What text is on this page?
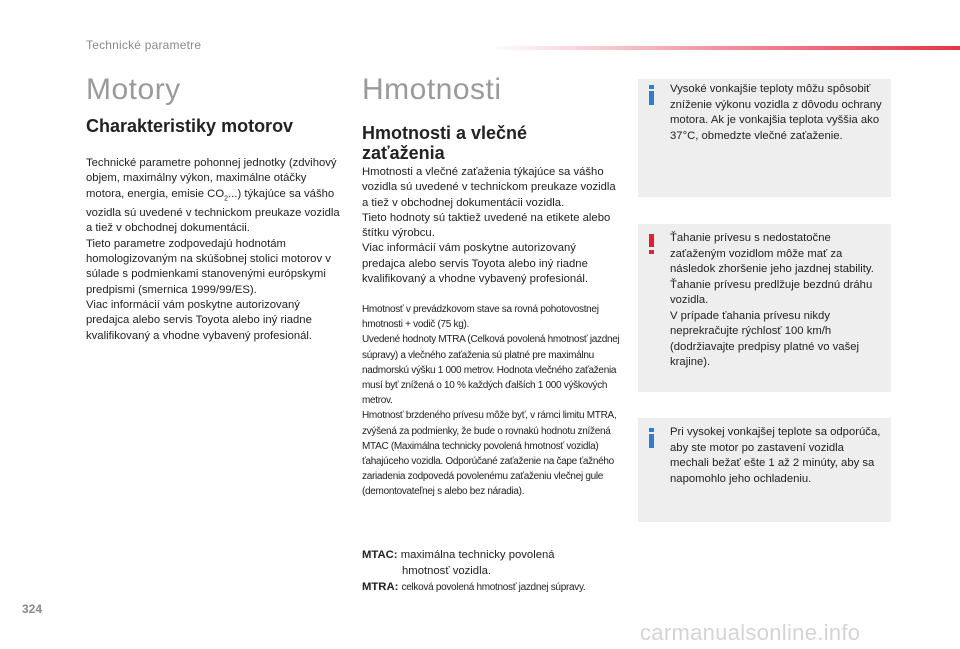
Technické parametre
Motory
Charakteristiky motorov

Technické parametre pohonnej jednotky (zdvihový objem, maximálny výkon, maximálne otáčky motora, energia, emisie $CO_2$...) týkajúce sa vášho vozidla sú uvedené v technickom preukaze vozidla a tiež v obchodnej dokumentácii.

Tieto parametre zodpovedajú hodnotám homologizovaným na skúšobnej stolici motorov v súlade s podmienkami stanovenými európskymi predpismi (smernica 1999/99/ES).

Viac informácií vám poskytne autorizovaný predajca alebo servis Toyota alebo iný riadne kvalifikovaný a vhodne vybavený profesionál.

Hmotnosti
Hmotnosti a vlečné zaťaženia

Hmotnosti a vlečné zaťaženia týkajúce sa vášho vozidla sú uvedené v technickom preukaze vozidla a tiež v obchodnej dokumentácii vozidla.

Tieto hodnoty sú taktiež uvedené na etikete alebo štítku výrobcu.

Viac informácií vám poskytne autorizovaný predajca alebo servis Toyota alebo iný riadne kvalifikovaný a vhodne vybavený profesionál.

Hmotnosť v prevádzkovom stave sa rovná pohotovostnej hmotnosti + vodič (75 kg).
Uvedené hodnoty MTRA (Celková povolená hmotnosť jazdnej súpravy) a vlečného zaťaženia sú platné pre maximálnu nadmorskú výšku 1 000 metrov. Hodnota vlečného zaťaženia musí byť znížená o 10 % každých ďalších 1 000 výškových metrov.
Hmotnosť brzdeného prívesu môže byť, v rámci limitu MTRA, zvýšená za podmienky, že bude o rovnakú hodnotu znížená MTAC (Maximálna technicky povolená hmotnosť vozidla) ťahajúceho vozidla. Odporúčané zaťaženie na čape ťažného zariadenia zodpovedá povolenému zaťaženiu vlečnej gule (demontovateľnej s alebo bez náradia).
MTAC: maximálna technicky povolená
hmotnosť vozidla.
MTRA: celková povolená hmotnosť jazdnej súpravy.
Vysoké vonkajšie teploty môžu spôsobiť zníženie výkonu vozidla z dôvodu ochrany motora. Ak je vonkajšia teplota vyššia ako 37°C, obmedzte vlečné zaťaženie.
Ťahanie prívesu s nedostatočne zaťaženým vozidlom môže mať za následok zhoršenie jeho jazdnej stability.
Ťahanie prívesu predlžuje bezdnú dráhu vozidla.
V prípade ťahania prívesu nikdy neprekračujte rýchlosť 100 km/h (dodržiavajte predpisy platné vo vašej krajine).
Pri vysokej vonkajšej teplote sa odporúča, aby ste motor po zastavení vozidla mechali bežať ešte 1 až 2 minúty, aby sa napomohlo jeho ochladeniu.
324
carmanualsonline.info
